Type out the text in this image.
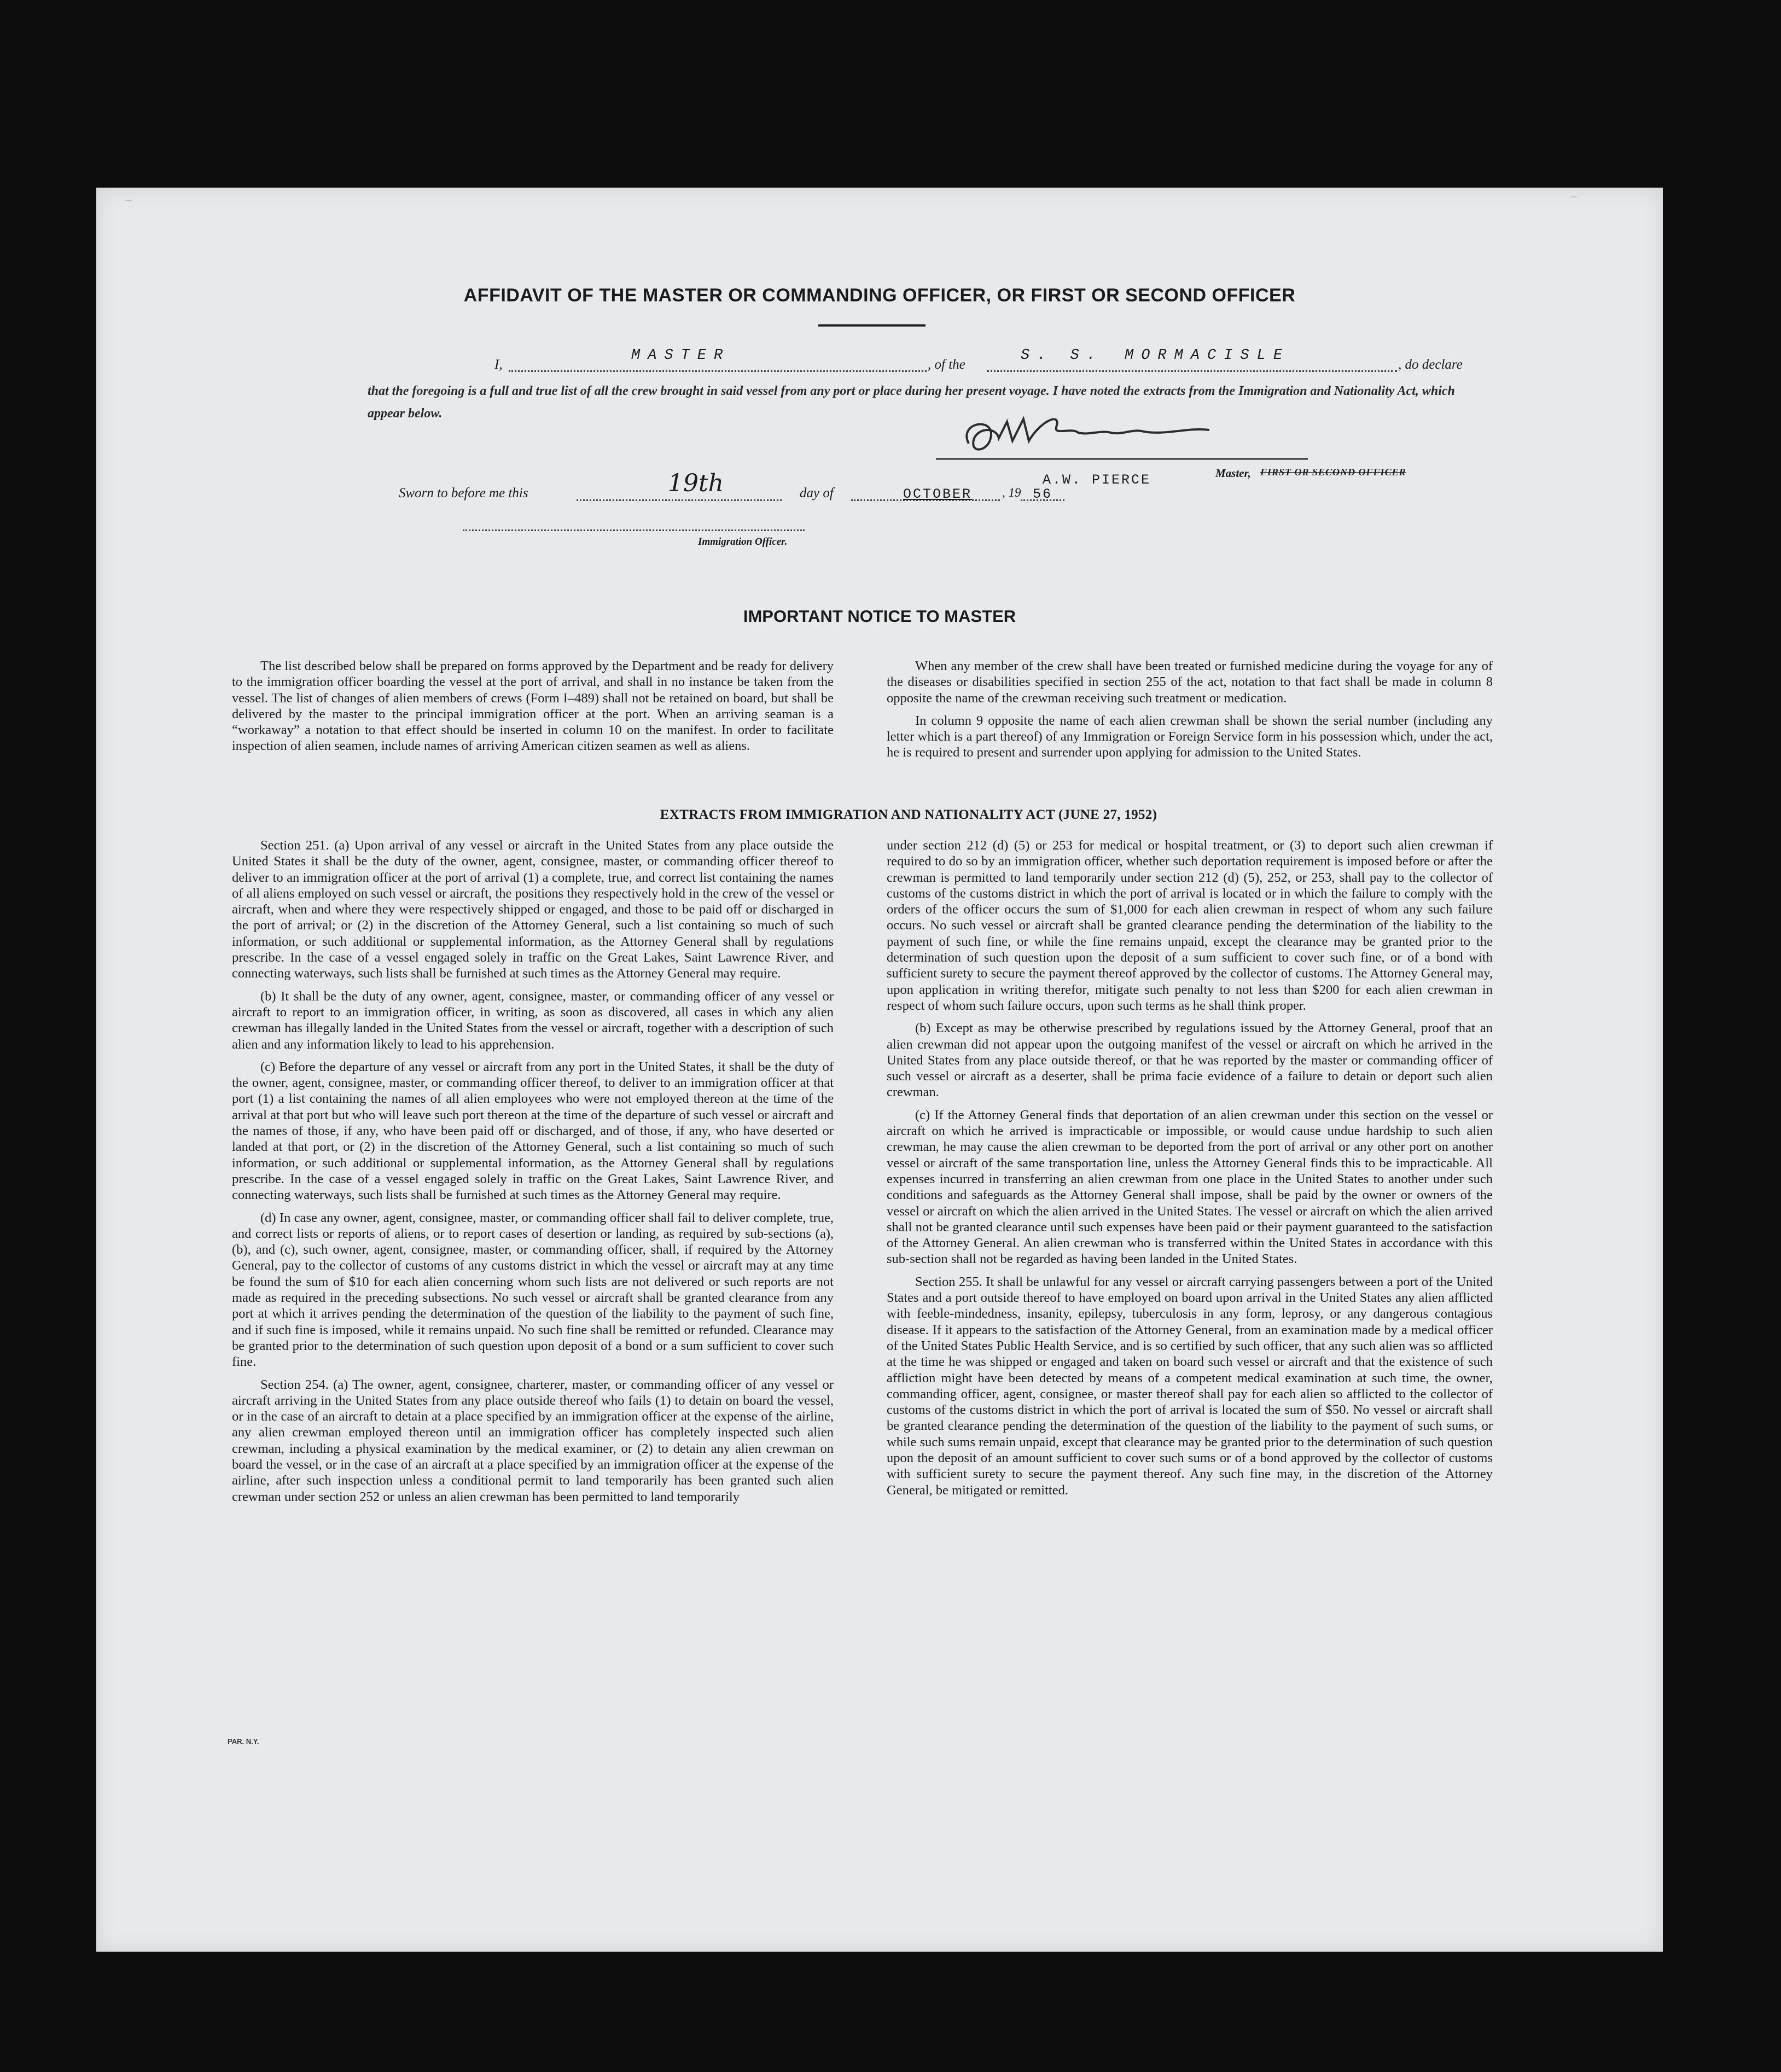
–	⁻
AFFIDAVIT OF THE MASTER OR COMMANDING OFFICER, OR FIRST OR SECOND OFFICER
I,
MASTER
, of the
S. S. MORMACISLE
, do declare
that the foregoing is a full and true list of all the crew brought in said vessel from any port or place during her present voyage. I have noted the extracts from the Immigration and Nationality Act, which appear below.
A.W. PIERCE	Master, FIRST OR SECOND OFFICER
Sworn to before me this	19th	day of	OCTOBER , 19 56
Immigration Officer.
IMPORTANT NOTICE TO MASTER

The list described below shall be prepared on forms approved by the Department and be ready for delivery to the immigration officer boarding the vessel at the port of arrival, and shall in no instance be taken from the vessel. The list of changes of alien members of crews (Form I–489) shall not be retained on board, but shall be delivered by the master to the principal immigration officer at the port. When an arriving seaman is a “workaway” a notation to that effect should be inserted in column 10 on the manifest. In order to facilitate inspection of alien seamen, include names of arriving American citizen seamen as well as aliens.

When any member of the crew shall have been treated or furnished medicine during the voyage for any of the diseases or disabilities specified in section 255 of the act, notation to that fact shall be made in column 8 opposite the name of the crewman receiving such treatment or medication.

In column 9 opposite the name of each alien crewman shall be shown the serial number (including any letter which is a part thereof) of any Immigration or Foreign Service form in his possession which, under the act, he is required to present and surrender upon applying for admission to the United States.

EXTRACTS FROM IMMIGRATION AND NATIONALITY ACT (JUNE 27, 1952)

Section 251. (a) Upon arrival of any vessel or aircraft in the United States from any place outside the United States it shall be the duty of the owner, agent, consignee, master, or commanding officer thereof to deliver to an immigration officer at the port of arrival (1) a complete, true, and correct list containing the names of all aliens employed on such vessel or aircraft, the positions they respectively hold in the crew of the vessel or aircraft, when and where they were respectively shipped or engaged, and those to be paid off or discharged in the port of arrival; or (2) in the discretion of the Attorney General, such a list containing so much of such information, or such additional or supplemental information, as the Attorney General shall by regulations prescribe. In the case of a vessel engaged solely in traffic on the Great Lakes, Saint Lawrence River, and connecting waterways, such lists shall be furnished at such times as the Attorney General may require.

(b) It shall be the duty of any owner, agent, consignee, master, or commanding officer of any vessel or aircraft to report to an immigration officer, in writing, as soon as discovered, all cases in which any alien crewman has illegally landed in the United States from the vessel or aircraft, together with a description of such alien and any information likely to lead to his apprehension.

(c) Before the departure of any vessel or aircraft from any port in the United States, it shall be the duty of the owner, agent, consignee, master, or commanding officer thereof, to deliver to an immigration officer at that port (1) a list containing the names of all alien employees who were not employed thereon at the time of the arrival at that port but who will leave such port thereon at the time of the departure of such vessel or aircraft and the names of those, if any, who have been paid off or discharged, and of those, if any, who have deserted or landed at that port, or (2) in the discretion of the Attorney General, such a list containing so much of such information, or such additional or supplemental information, as the Attorney General shall by regulations prescribe. In the case of a vessel engaged solely in traffic on the Great Lakes, Saint Lawrence River, and connecting waterways, such lists shall be furnished at such times as the Attorney General may require.

(d) In case any owner, agent, consignee, master, or commanding officer shall fail to deliver complete, true, and correct lists or reports of aliens, or to report cases of desertion or landing, as required by sub-sections (a), (b), and (c), such owner, agent, consignee, master, or commanding officer, shall, if required by the Attorney General, pay to the collector of customs of any customs district in which the vessel or aircraft may at any time be found the sum of $10 for each alien concerning whom such lists are not delivered or such reports are not made as required in the preceding subsections. No such vessel or aircraft shall be granted clearance from any port at which it arrives pending the determination of the question of the liability to the payment of such fine, and if such fine is imposed, while it remains unpaid. No such fine shall be remitted or refunded. Clearance may be granted prior to the determination of such question upon deposit of a bond or a sum sufficient to cover such fine.

Section 254. (a) The owner, agent, consignee, charterer, master, or commanding officer of any vessel or aircraft arriving in the United States from any place outside thereof who fails (1) to detain on board the vessel, or in the case of an aircraft to detain at a place specified by an immigration officer at the expense of the airline, any alien crewman employed thereon until an immigration officer has completely inspected such alien crewman, including a physical examination by the medical examiner, or (2) to detain any alien crewman on board the vessel, or in the case of an aircraft at a place specified by an immigration officer at the expense of the airline, after such inspection unless a conditional permit to land temporarily has been granted such alien crewman under section 252 or unless an alien crewman has been permitted to land temporarily

under section 212 (d) (5) or 253 for medical or hospital treatment, or (3) to deport such alien crewman if required to do so by an immigration officer, whether such deportation requirement is imposed before or after the crewman is permitted to land temporarily under section 212 (d) (5), 252, or 253, shall pay to the collector of customs of the customs district in which the port of arrival is located or in which the failure to comply with the orders of the officer occurs the sum of $1,000 for each alien crewman in respect of whom any such failure occurs. No such vessel or aircraft shall be granted clearance pending the determination of the liability to the payment of such fine, or while the fine remains unpaid, except the clearance may be granted prior to the determination of such question upon the deposit of a sum sufficient to cover such fine, or of a bond with sufficient surety to secure the payment thereof approved by the collector of customs. The Attorney General may, upon application in writing therefor, mitigate such penalty to not less than $200 for each alien crewman in respect of whom such failure occurs, upon such terms as he shall think proper.

(b) Except as may be otherwise prescribed by regulations issued by the Attorney General, proof that an alien crewman did not appear upon the outgoing manifest of the vessel or aircraft on which he arrived in the United States from any place outside thereof, or that he was reported by the master or commanding officer of such vessel or aircraft as a deserter, shall be prima facie evidence of a failure to detain or deport such alien crewman.

(c) If the Attorney General finds that deportation of an alien crewman under this section on the vessel or aircraft on which he arrived is impracticable or impossible, or would cause undue hardship to such alien crewman, he may cause the alien crewman to be deported from the port of arrival or any other port on another vessel or aircraft of the same transportation line, unless the Attorney General finds this to be impracticable. All expenses incurred in transferring an alien crewman from one place in the United States to another under such conditions and safeguards as the Attorney General shall impose, shall be paid by the owner or owners of the vessel or aircraft on which the alien arrived in the United States. The vessel or aircraft on which the alien arrived shall not be granted clearance until such expenses have been paid or their payment guaranteed to the satisfaction of the Attorney General. An alien crewman who is transferred within the United States in accordance with this sub-section shall not be regarded as having been landed in the United States.

Section 255. It shall be unlawful for any vessel or aircraft carrying passengers between a port of the United States and a port outside thereof to have employed on board upon arrival in the United States any alien afflicted with feeble-mindedness, insanity, epilepsy, tuberculosis in any form, leprosy, or any dangerous contagious disease. If it appears to the satisfaction of the Attorney General, from an examination made by a medical officer of the United States Public Health Service, and is so certified by such officer, that any such alien was so afflicted at the time he was shipped or engaged and taken on board such vessel or aircraft and that the existence of such affliction might have been detected by means of a competent medical examination at such time, the owner, commanding officer, agent, consignee, or master thereof shall pay for each alien so afflicted to the collector of customs of the customs district in which the port of arrival is located the sum of $50. No vessel or aircraft shall be granted clearance pending the determination of the question of the liability to the payment of such sums, or while such sums remain unpaid, except that clearance may be granted prior to the determination of such question upon the deposit of an amount sufficient to cover such sums or of a bond approved by the collector of customs with sufficient surety to secure the payment thereof. Any such fine may, in the discretion of the Attorney General, be mitigated or remitted.

PAR. N.Y.
